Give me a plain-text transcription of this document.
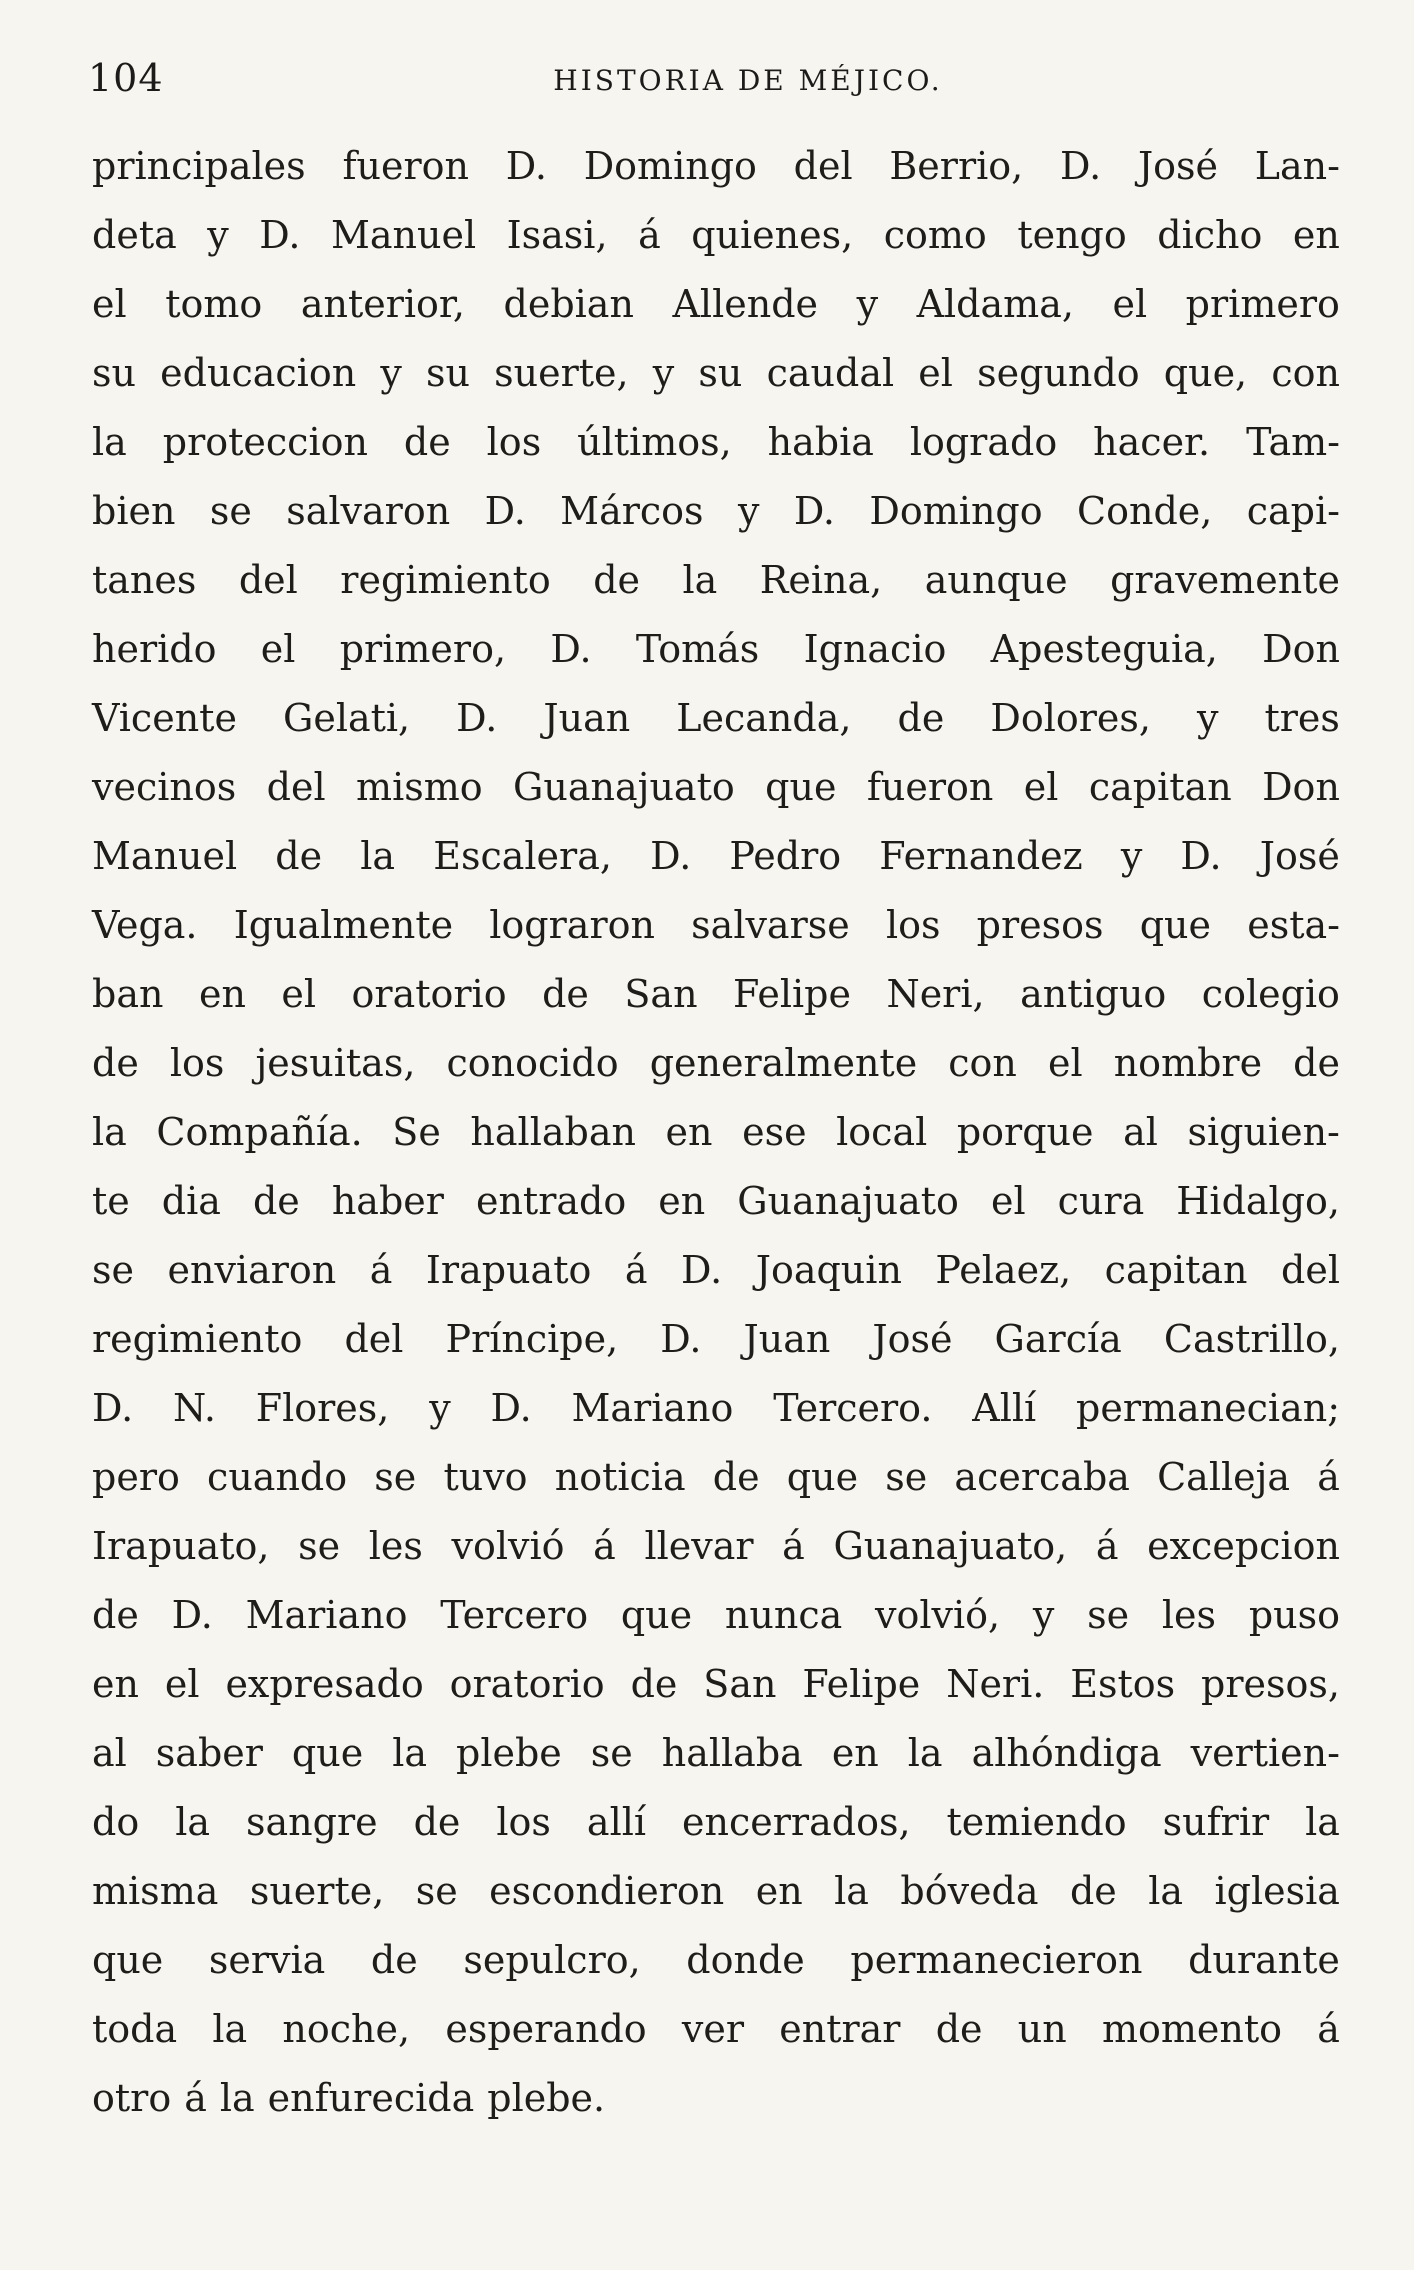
104	HISTORIA DE MÉJICO.
principales fueron D. Domingo del Berrio, D. José Lan-
deta y D. Manuel Isasi, á quienes, como tengo dicho en
el tomo anterior, debian Allende y Aldama, el primero
su educacion y su suerte, y su caudal el segundo que, con
la proteccion de los últimos, habia logrado hacer. Tam-
bien se salvaron D. Márcos y D. Domingo Conde, capi-
tanes del regimiento de la Reina, aunque gravemente
herido el primero, D. Tomás Ignacio Apesteguia, Don
Vicente Gelati, D. Juan Lecanda, de Dolores, y tres
vecinos del mismo Guanajuato que fueron el capitan Don
Manuel de la Escalera, D. Pedro Fernandez y D. José
Vega. Igualmente lograron salvarse los presos que esta-
ban en el oratorio de San Felipe Neri, antiguo colegio
de los jesuitas, conocido generalmente con el nombre de
la Compañía. Se hallaban en ese local porque al siguien-
te dia de haber entrado en Guanajuato el cura Hidalgo,
se enviaron á Irapuato á D. Joaquin Pelaez, capitan del
regimiento del Príncipe, D. Juan José García Castrillo,
D. N. Flores, y D. Mariano Tercero. Allí permanecian;
pero cuando se tuvo noticia de que se acercaba Calleja á
Irapuato, se les volvió á llevar á Guanajuato, á excepcion
de D. Mariano Tercero que nunca volvió, y se les puso
en el expresado oratorio de San Felipe Neri. Estos presos,
al saber que la plebe se hallaba en la alhóndiga vertien-
do la sangre de los allí encerrados, temiendo sufrir la
misma suerte, se escondieron en la bóveda de la iglesia
que servia de sepulcro, donde permanecieron durante
toda la noche, esperando ver entrar de un momento á
otro á la enfurecida plebe.
